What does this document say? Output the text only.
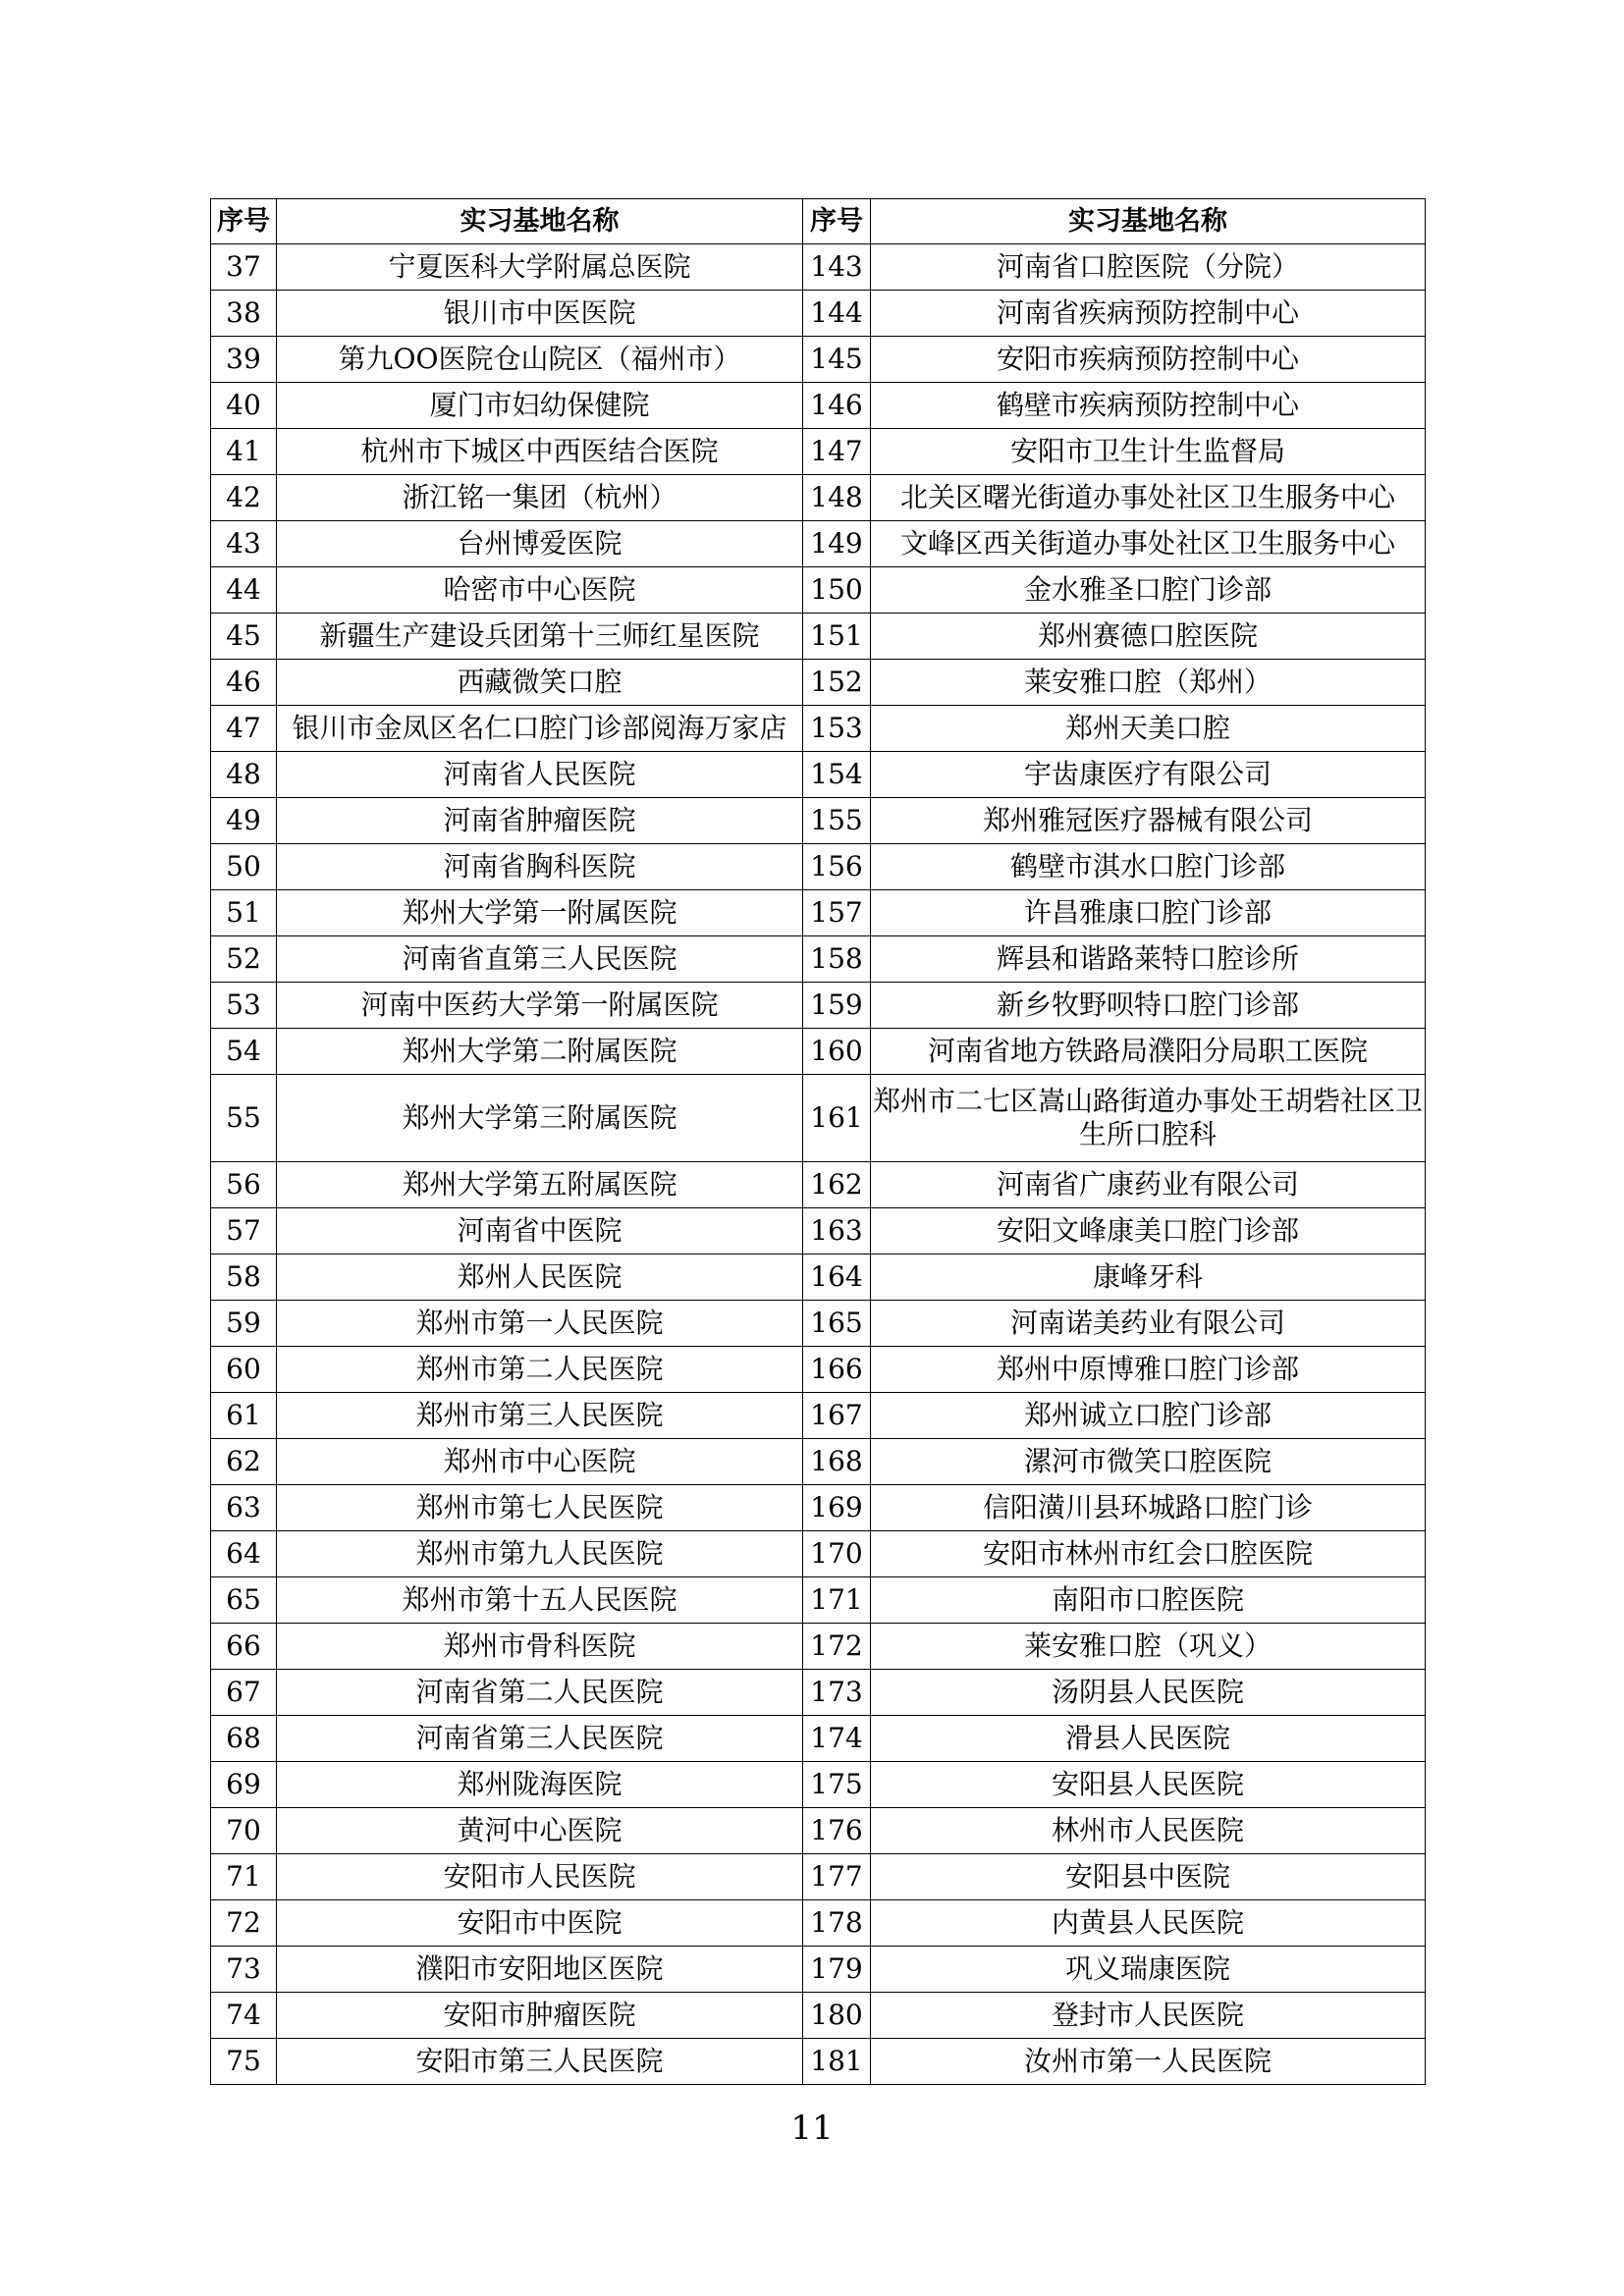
序号	实习基地名称	序号	实习基地名称
37	宁夏医科大学附属总医院	143	河南省口腔医院（分院）
38	银川市中医医院	144	河南省疾病预防控制中心
39	第九OO医院仓山院区（福州市）	145	安阳市疾病预防控制中心
40	厦门市妇幼保健院	146	鹤壁市疾病预防控制中心
41	杭州市下城区中西医结合医院	147	安阳市卫生计生监督局
42	浙江铭一集团（杭州）	148	北关区曙光街道办事处社区卫生服务中心
43	台州博爱医院	149	文峰区西关街道办事处社区卫生服务中心
44	哈密市中心医院	150	金水雅圣口腔门诊部
45	新疆生产建设兵团第十三师红星医院	151	郑州赛德口腔医院
46	西藏微笑口腔	152	莱安雅口腔（郑州）
47	银川市金凤区名仁口腔门诊部阅海万家店	153	郑州天美口腔
48	河南省人民医院	154	宇齿康医疗有限公司
49	河南省肿瘤医院	155	郑州雅冠医疗器械有限公司
50	河南省胸科医院	156	鹤壁市淇水口腔门诊部
51	郑州大学第一附属医院	157	许昌雅康口腔门诊部
52	河南省直第三人民医院	158	辉县和谐路莱特口腔诊所
53	河南中医药大学第一附属医院	159	新乡牧野呗特口腔门诊部
54	郑州大学第二附属医院	160	河南省地方铁路局濮阳分局职工医院
55	郑州大学第三附属医院	161	郑州市二七区嵩山路街道办事处王胡砦社区卫生所口腔科
56	郑州大学第五附属医院	162	河南省广康药业有限公司
57	河南省中医院	163	安阳文峰康美口腔门诊部
58	郑州人民医院	164	康峰牙科
59	郑州市第一人民医院	165	河南诺美药业有限公司
60	郑州市第二人民医院	166	郑州中原博雅口腔门诊部
61	郑州市第三人民医院	167	郑州诚立口腔门诊部
62	郑州市中心医院	168	漯河市微笑口腔医院
63	郑州市第七人民医院	169	信阳潢川县环城路口腔门诊
64	郑州市第九人民医院	170	安阳市林州市红会口腔医院
65	郑州市第十五人民医院	171	南阳市口腔医院
66	郑州市骨科医院	172	莱安雅口腔（巩义）
67	河南省第二人民医院	173	汤阴县人民医院
68	河南省第三人民医院	174	滑县人民医院
69	郑州陇海医院	175	安阳县人民医院
70	黄河中心医院	176	林州市人民医院
71	安阳市人民医院	177	安阳县中医院
72	安阳市中医院	178	内黄县人民医院
73	濮阳市安阳地区医院	179	巩义瑞康医院
74	安阳市肿瘤医院	180	登封市人民医院
75	安阳市第三人民医院	181	汝州市第一人民医院
11
